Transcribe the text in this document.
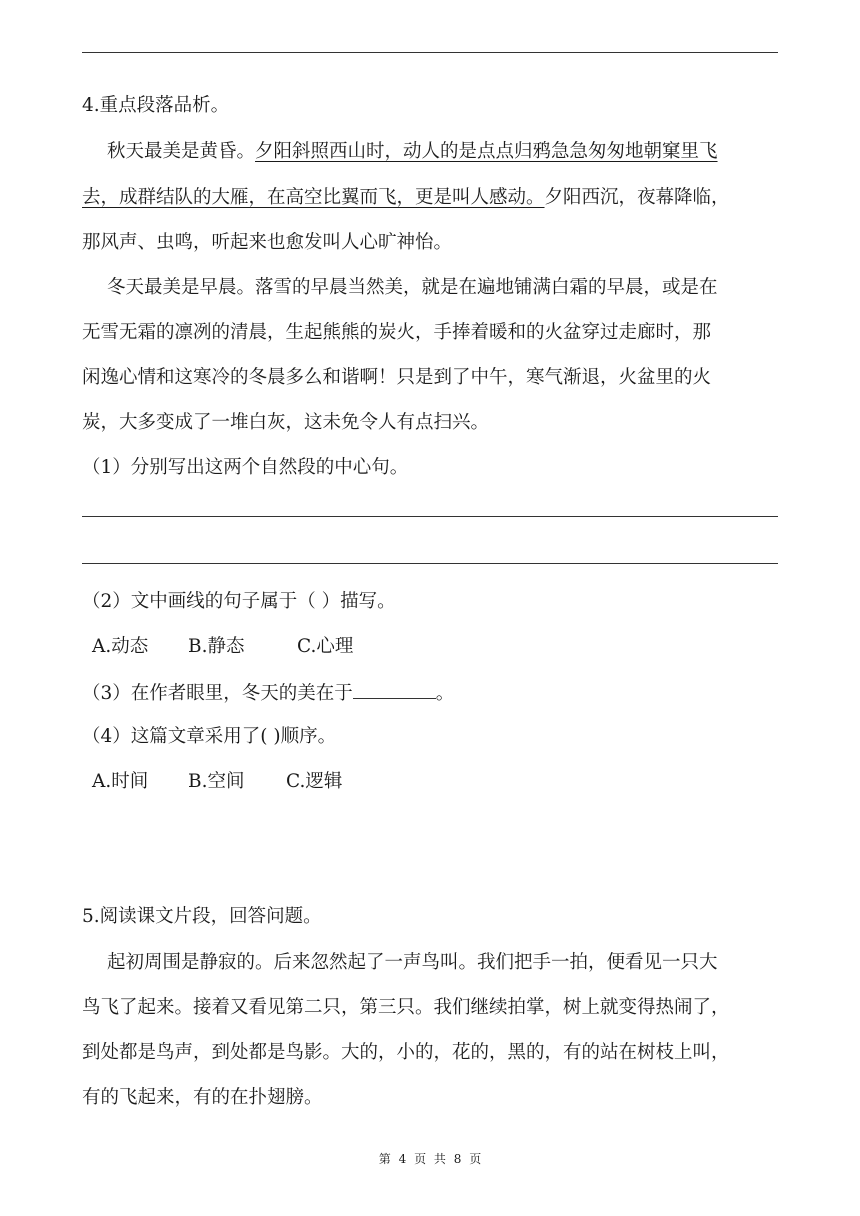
4.重点段落品析。
秋天最美是黄昏。夕阳斜照西山时，动人的是点点归鸦急急匆匆地朝窠里飞
去，成群结队的大雁，在高空比翼而飞，更是叫人感动。夕阳西沉，夜幕降临，
那风声、虫鸣，听起来也愈发叫人心旷神怡。
冬天最美是早晨。落雪的早晨当然美，就是在遍地铺满白霜的早晨，或是在
无雪无霜的凛冽的清晨，生起熊熊的炭火，手捧着暖和的火盆穿过走廊时，那
闲逸心情和这寒冷的冬晨多么和谐啊！只是到了中午，寒气渐退，火盆里的火
炭，大多变成了一堆白灰，这未免令人有点扫兴。
（1）分别写出这两个自然段的中心句。
（2）文中画线的句子属于（ ）描写。
A.动态 B.静态	C.心理
（3）在作者眼里，冬天的美在于	。
（4）这篇文章采用了( )顺序。
A.时间 B.空间 C.逻辑
5.阅读课文片段，回答问题。
起初周围是静寂的。后来忽然起了一声鸟叫。我们把手一拍，便看见一只大
鸟飞了起来。接着又看见第二只，第三只。我们继续拍掌，树上就变得热闹了，
到处都是鸟声，到处都是鸟影。大的，小的，花的，黑的，有的站在树枝上叫，
有的飞起来，有的在扑翅膀。
第 4 页 共 8 页
